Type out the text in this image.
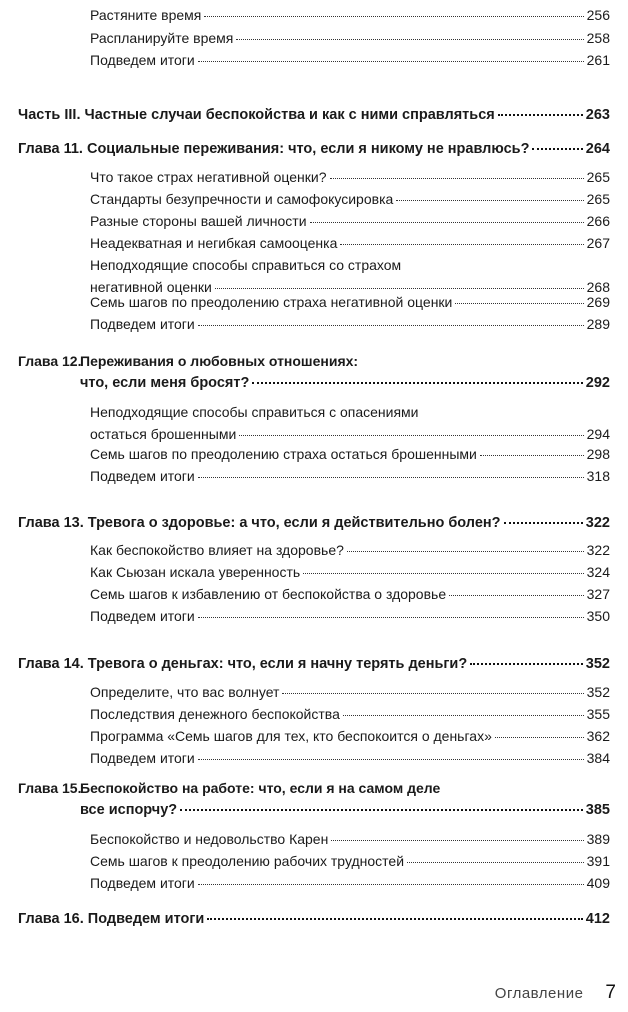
Растяните время	256
Распланируйте время	258
Подведем итоги	261
Часть III. Частные случаи беспокойства и как с ними справляться	263
Глава 11. Социальные переживания: что, если я никому не нравлюсь?	264
Что такое страх негативной оценки?	265
Стандарты безупречности и самофокусировка	265
Разные стороны вашей личности	266
Неадекватная и негибкая самооценка	267
Неподходящие способы справиться со страхом
негативной оценки	268
Семь шагов по преодолению страха негативной оценки	269
Подведем итоги	289
Глава 12.Переживания о любовных отношениях:
что, если меня бросят?	292
Неподходящие способы справиться с опасениями
остаться брошенными	294
Семь шагов по преодолению страха остаться брошенными	298
Подведем итоги	318
Глава 13. Тревога о здоровье: а что, если я действительно болен?	322
Как беспокойство влияет на здоровье?	322
Как Сьюзан искала уверенность	324
Семь шагов к избавлению от беспокойства о здоровье	327
Подведем итоги	350
Глава 14. Тревога о деньгах: что, если я начну терять деньги?	352
Определите, что вас волнует	352
Последствия денежного беспокойства	355
Программа «Семь шагов для тех, кто беспокоится о деньгах»	362
Подведем итоги	384
Глава 15.Беспокойство на работе: что, если я на самом деле
все испорчу?	385
Беспокойство и недовольство Карен	389
Семь шагов к преодолению рабочих трудностей	391
Подведем итоги	409
Глава 16. Подведем итоги	412
Оглавление 7
